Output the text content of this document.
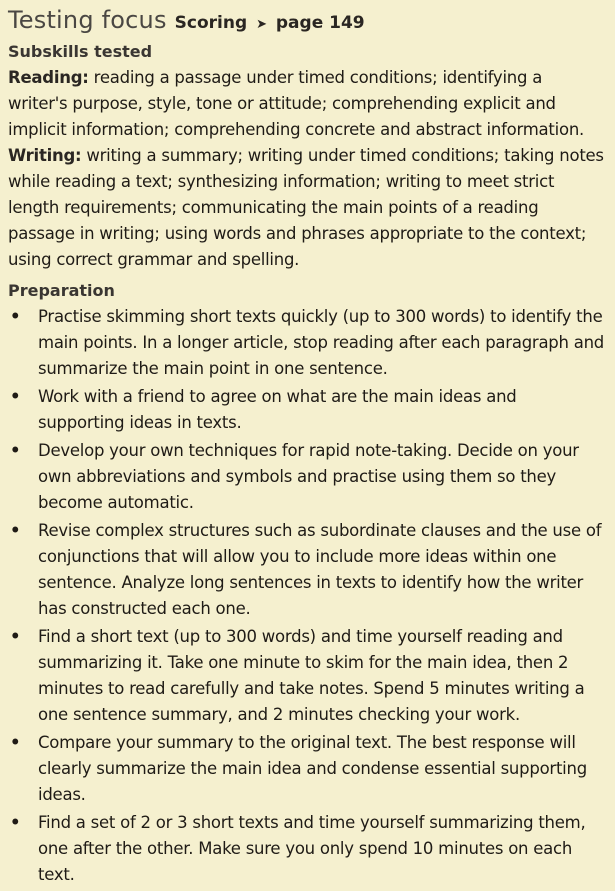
Testing focus Scoring ➤ page 149
Subskills tested

Reading: reading a passage under timed conditions; identifying a writer's purpose, style, tone or attitude; comprehending explicit and implicit information; comprehending concrete and abstract information.

Writing: writing a summary; writing under timed conditions; taking notes while reading a text; synthesizing information; writing to meet strict length requirements; communicating the main points of a reading passage in writing; using words and phrases appropriate to the context; using correct grammar and spelling.

Preparation
• Practise skimming short texts quickly (up to 300 words) to identify the main points. In a longer article, stop reading after each paragraph and summarize the main point in one sentence.
• Work with a friend to agree on what are the main ideas and supporting ideas in texts.
• Develop your own techniques for rapid note-taking. Decide on your own abbreviations and symbols and practise using them so they become automatic.
• Revise complex structures such as subordinate clauses and the use of conjunctions that will allow you to include more ideas within one sentence. Analyze long sentences in texts to identify how the writer has constructed each one.
• Find a short text (up to 300 words) and time yourself reading and summarizing it. Take one minute to skim for the main idea, then 2 minutes to read carefully and take notes. Spend 5 minutes writing a one sentence summary, and 2 minutes checking your work.
• Compare your summary to the original text. The best response will clearly summarize the main idea and condense essential supporting ideas.
• Find a set of 2 or 3 short texts and time yourself summarizing them, one after the other. Make sure you only spend 10 minutes on each text.
